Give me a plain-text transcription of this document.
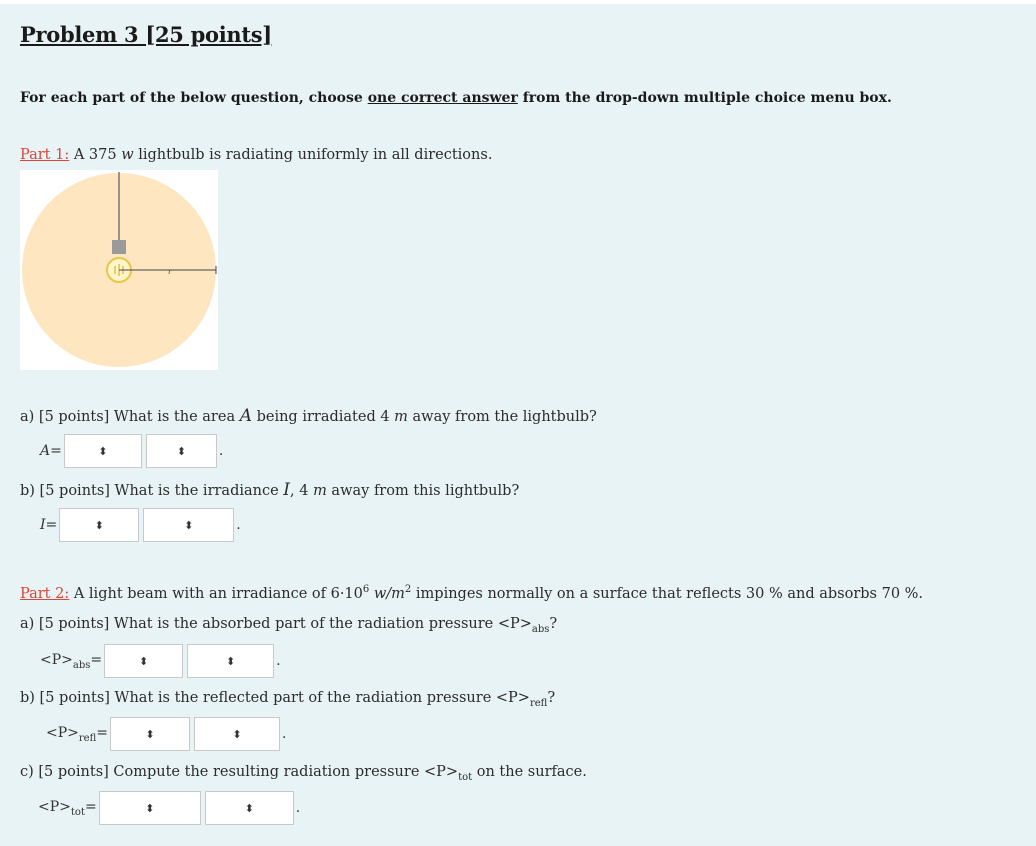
Problem 3 [25 points]
For each part of the below question, choose one correct answer from the drop-down multiple choice menu box.
Part 1: A 375 w lightbulb is radiating uniformly in all directions.
r
a) [5 points] What is the area A being irradiated 4 m away from the lightbulb?
A=	⬍	⬍ .
b) [5 points] What is the irradiance I, 4 m away from this lightbulb?
I=	⬍	⬍	.
Part 2: A light beam with an irradiance of $6\cdot 10^6$ $w/m^2$ impinges normally on a surface that reflects 30 % and absorbs 70 %.
a) [5 points] What is the absorbed part of the radiation pressure $<P>_{abs}$?
$<P>_{abs}=$	⬍	⬍	.
b) [5 points] What is the reflected part of the radiation pressure $<P>_{refl}$?
$<P>_{refl}=$	⬍	⬍	.
c) [5 points] Compute the resulting radiation pressure $<P>_{tot}$ on the surface.
$<P>_{tot}=$	⬍	⬍	.
